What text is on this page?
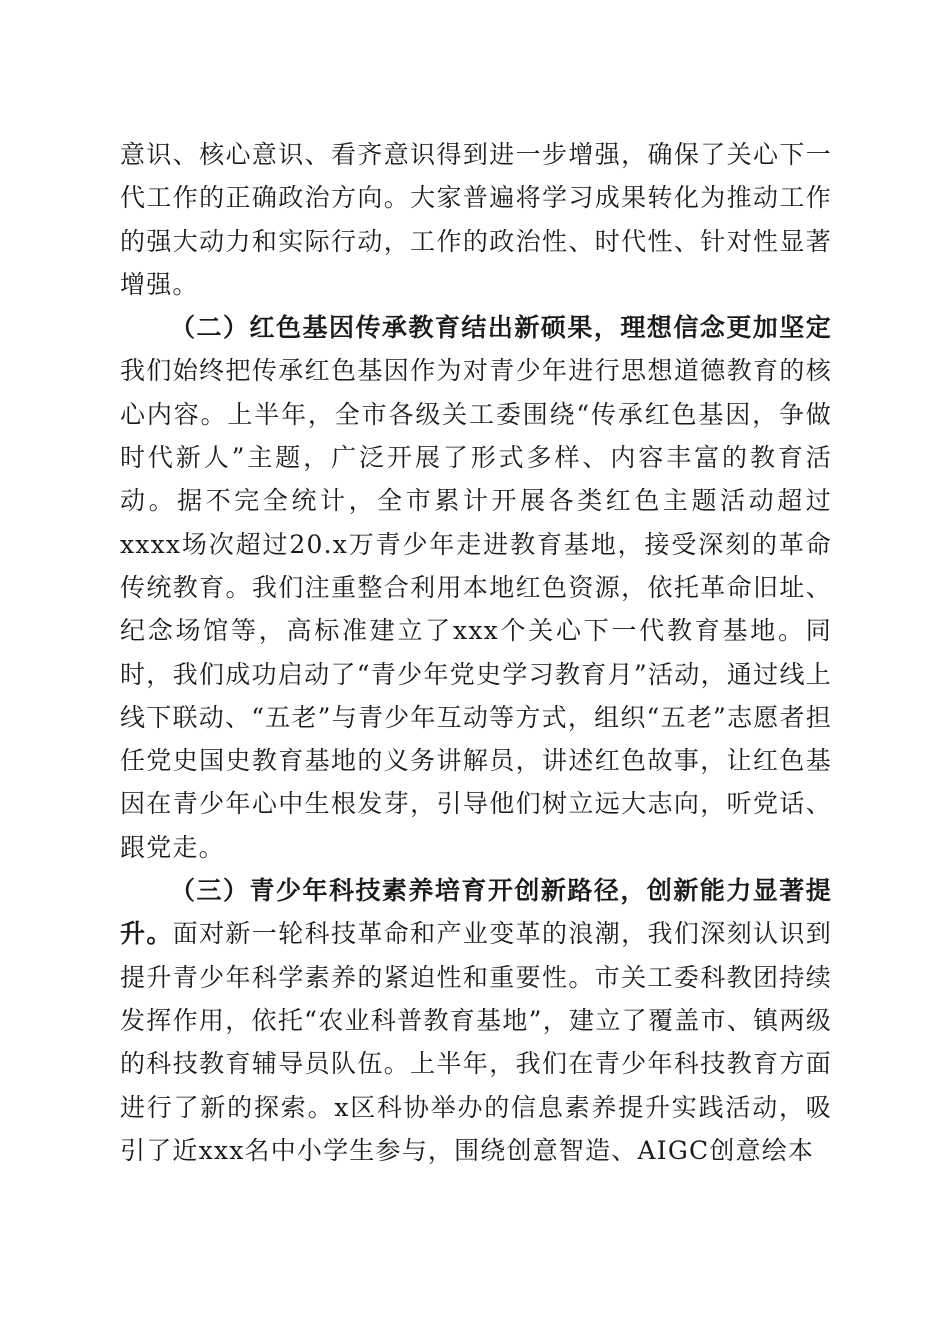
意识、核心意识、看齐意识得到进一步增强，确保了关心下一代工作的正确政治方向。大家普遍将学习成果转化为推动工作的强大动力和实际行动，工作的政治性、时代性、针对性显著增强。

（二）红色基因传承教育结出新硕果，理想信念更加坚定我们始终把传承红色基因作为对青少年进行思想道德教育的核心内容。上半年，全市各级关工委围绕“传承红色基因，争做时代新人”主题，广泛开展了形式多样、内容丰富的教育活动。据不完全统计，全市累计开展各类红色主题活动超过xxxx场次超过20.x万青少年走进教育基地，接受深刻的革命传统教育。我们注重整合利用本地红色资源，依托革命旧址、纪念场馆等，高标准建立了xxx个关心下一代教育基地。同时，我们成功启动了“青少年党史学习教育月”活动，通过线上线下联动、“五老”与青少年互动等方式，组织“五老”志愿者担任党史国史教育基地的义务讲解员，讲述红色故事，让红色基因在青少年心中生根发芽，引导他们树立远大志向，听党话、跟党走。

（三）青少年科技素养培育开创新路径，创新能力显著提升。面对新一轮科技革命和产业变革的浪潮，我们深刻认识到提升青少年科学素养的紧迫性和重要性。市关工委科教团持续发挥作用，依托“农业科普教育基地”，建立了覆盖市、镇两级的科技教育辅导员队伍。上半年，我们在青少年科技教育方面进行了新的探索。x区科协举办的信息素养提升实践活动，吸引了近xxx名中小学生参与，围绕创意智造、AIGC创意绘本
